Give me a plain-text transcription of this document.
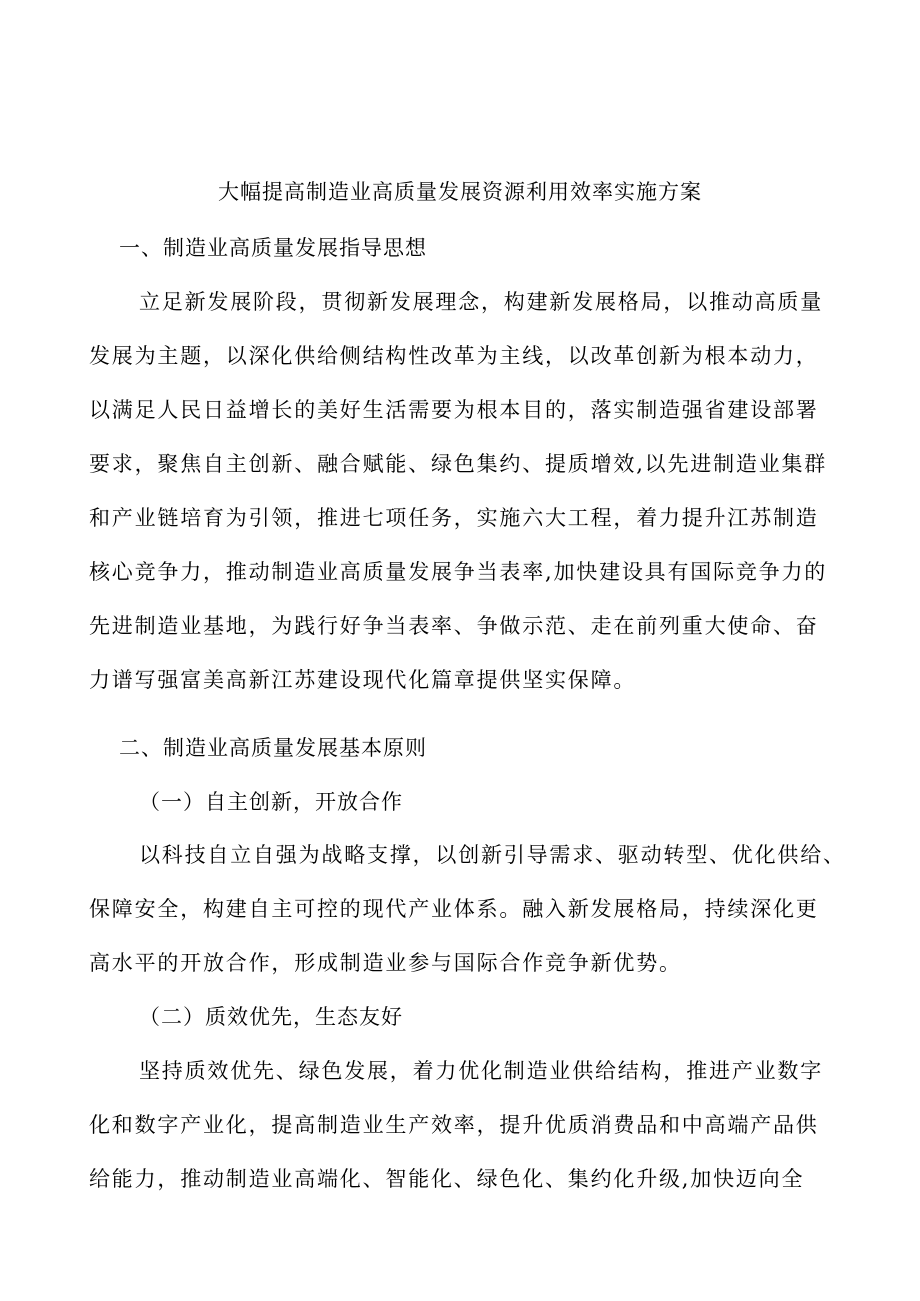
大幅提高制造业高质量发展资源利用效率实施方案
一、制造业高质量发展指导思想
立足新发展阶段，贯彻新发展理念，构建新发展格局，以推动高质量
发展为主题，以深化供给侧结构性改革为主线，以改革创新为根本动力，
以满足人民日益增长的美好生活需要为根本目的，落实制造强省建设部署
要求，聚焦自主创新、融合赋能、绿色集约、提质增效,以先进制造业集群
和产业链培育为引领，推进七项任务，实施六大工程，着力提升江苏制造
核心竞争力，推动制造业高质量发展争当表率,加快建设具有国际竞争力的
先进制造业基地，为践行好争当表率、争做示范、走在前列重大使命、奋
力谱写强富美高新江苏建设现代化篇章提供坚实保障。
二、制造业高质量发展基本原则
（一）自主创新，开放合作
以科技自立自强为战略支撑，以创新引导需求、驱动转型、优化供给、
保障安全，构建自主可控的现代产业体系。融入新发展格局，持续深化更
高水平的开放合作，形成制造业参与国际合作竞争新优势。
（二）质效优先，生态友好
坚持质效优先、绿色发展，着力优化制造业供给结构，推进产业数字
化和数字产业化，提高制造业生产效率，提升优质消费品和中高端产品供
给能力，推动制造业高端化、智能化、绿色化、集约化升级,加快迈向全
